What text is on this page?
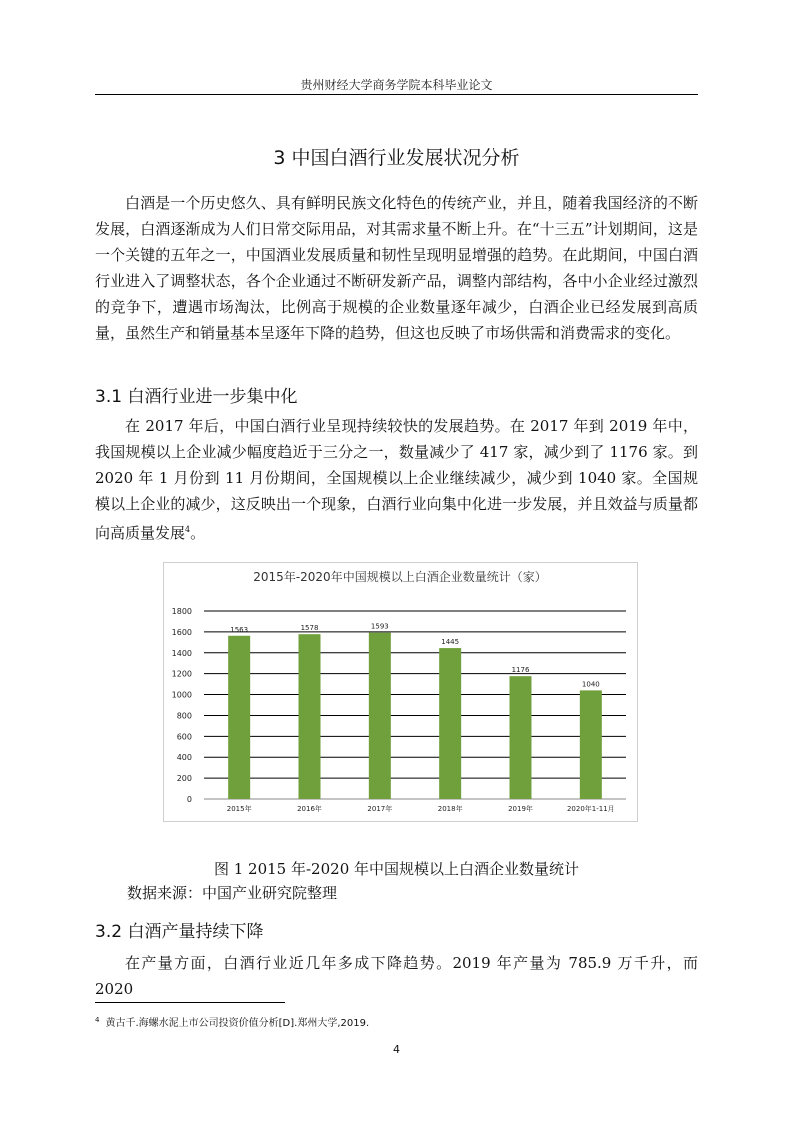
贵州财经大学商务学院本科毕业论文
3 中国白酒行业发展状况分析

白酒是一个历史悠久、具有鲜明民族文化特色的传统产业，并且，随着我国经济的不断发展，白酒逐渐成为人们日常交际用品，对其需求量不断上升。在“十三五”计划期间，这是一个关键的五年之一，中国酒业发展质量和韧性呈现明显增强的趋势。在此期间，中国白酒行业进入了调整状态，各个企业通过不断研发新产品，调整内部结构，各中小企业经过激烈的竞争下，遭遇市场淘汰，比例高于规模的企业数量逐年减少，白酒企业已经发展到高质量，虽然生产和销量基本呈逐年下降的趋势，但这也反映了市场供需和消费需求的变化。

3.1 白酒行业进一步集中化

在 2017 年后，中国白酒行业呈现持续较快的发展趋势。在 2017 年到 2019 年中，我国规模以上企业减少幅度趋近于三分之一，数量减少了 417 家，减少到了 1176 家。到 2020 年 1 月份到 11 月份期间，全国规模以上企业继续减少，减少到 1040 家。全国规模以上企业的减少，这反映出一个现象，白酒行业向集中化进一步发展，并且效益与质量都向高质量发展$^4$。

2015年-2020年中国规模以上白酒企业数量统计（家）
0
200
400
600
800
1000
1200
1400
1600
1800
1563
2015年
1578
2016年
1593
2017年
1445
2018年
1176
2019年
1040
2020年1-11月
图 1 2015 年-2020 年中国规模以上白酒企业数量统计
数据来源：中国产业研究院整理
3.2 白酒产量持续下降

在产量方面，白酒行业近几年多成下降趋势。2019 年产量为 785.9 万千升，而 2020

$^4$ 黄古千.海螺水泥上市公司投资价值分析[D].郑州大学,2019.
4
